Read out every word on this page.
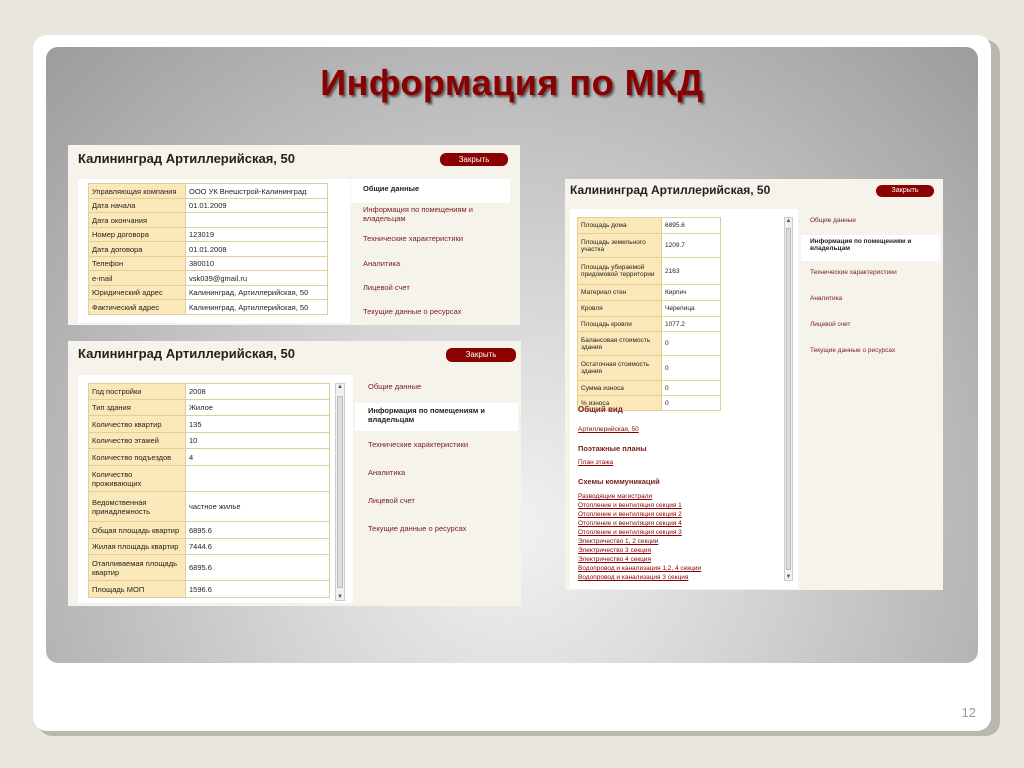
Информация по МКД
12
Калининград Артиллерийская, 50	Закрыть
Управляющая компания	ООО УК Внешстрой-Калининград
Дата начала	01.01.2009
Дата окончания	
Номер договора	123019
Дата договора	01.01.2008
Телефон	380010
e-mail	vsk039@gmail.ru
Юридический адрес	Калининград, Артиллерийская, 50
Фактический адрес	Калининград, Артиллерийская, 50
Общие данные
Информация по помещениям и владельцам
Технические характеристики
Аналитика
Лицевой счет
Текущие данные о ресурсах
Калининград Артиллерийская, 50	Закрыть
Год постройки	2008
Тип здания	Жилое
Количество квартир	135
Количество этажей	10
Количество подъездов	4
Количество проживающих	
Ведомственная принадлежность	частное жилье
Общая площадь квартир	6895.6
Жилая площадь квартир	7444.6
Отапливаемая площадь квартир	6895.6
Площадь МОП	1596.6
▲
▼
Общие данные
Информация по помещениям и владельцам
Технические характеристики
Аналитика
Лицевой счет
Текущие данные о ресурсах
Калининград Артиллерийская, 50	Закрыть
Площадь дома	6895.6
Площадь земельного участка	1209.7
Площадь убираемой придомовой территории	2163
Материал стен	Кирпич
Кровля	Черепица
Площадь кровли	1077.2
Балансовая стоимость здания	0
Остаточная стоимость здания	0
Сумма износа	0
% износа	0
Общий вид
Артиллерийская, 50
Поэтажные планы
План этажа
Схемы коммуникаций
Разводящие магистрали
Отопление и вентиляция секция 1
Отопление и вентиляция секция 2
Отопление и вентиляция секция 4
Отопление и вентиляция секция 3
Электричество 1, 2 секции
Электричество 3 секция
Электричество 4 секция
Водопровод и канализация 1,2, 4 секции
Водопровод и канализация 3 секция
▲
▼
Общие данные
Информация по помещениям и владельцам
Технические характеристики
Аналитика
Лицевой счет
Текущие данные о ресурсах
